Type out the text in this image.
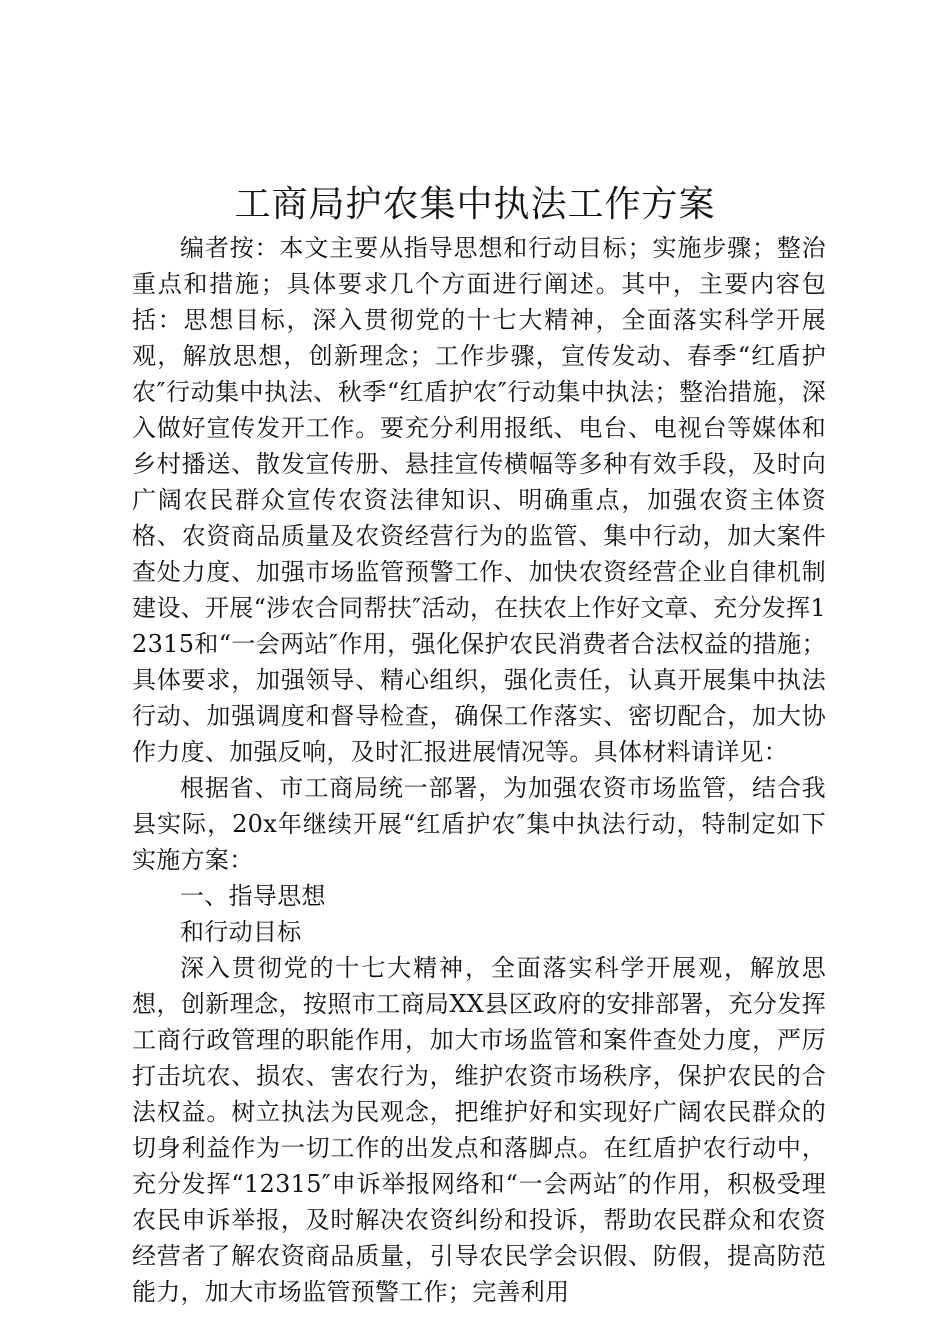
工商局护农集中执法工作方案

编者按：本文主要从指导思想和行动目标；实施步骤；整治重点和措施；具体要求几个方面进行阐述。其中，主要内容包括：思想目标，深入贯彻党的十七大精神，全面落实科学开展观，解放思想，创新理念；工作步骤，宣传发动、春季“红盾护农″行动集中执法、秋季“红盾护农″行动集中执法；整治措施，深入做好宣传发开工作。要充分利用报纸、电台、电视台等媒体和乡村播送、散发宣传册、悬挂宣传横幅等多种有效手段，及时向广阔农民群众宣传农资法律知识、明确重点，加强农资主体资格、农资商品质量及农资经营行为的监管、集中行动，加大案件查处力度、加强市场监管预警工作、加快农资经营企业自律机制建设、开展“涉农合同帮扶″活动，在扶农上作好文章、充分发挥12315和“一会两站″作用，强化保护农民消费者合法权益的措施；具体要求，加强领导、精心组织，强化责任，认真开展集中执法行动、加强调度和督导检查，确保工作落实、密切配合，加大协作力度、加强反响，及时汇报进展情况等。具体材料请详见：

根据省、市工商局统一部署，为加强农资市场监管，结合我县实际，20x年继续开展“红盾护农″集中执法行动，特制定如下实施方案：

一、指导思想

和行动目标

深入贯彻党的十七大精神，全面落实科学开展观，解放思想，创新理念，按照市工商局XX县区政府的安排部署，充分发挥工商行政管理的职能作用，加大市场监管和案件查处力度，严厉打击坑农、损农、害农行为，维护农资市场秩序，保护农民的合法权益。树立执法为民观念，把维护好和实现好广阔农民群众的切身利益作为一切工作的出发点和落脚点。在红盾护农行动中，充分发挥“12315″申诉举报网络和“一会两站″的作用，积极受理农民申诉举报，及时解决农资纠纷和投诉，帮助农民群众和农资经营者了解农资商品质量，引导农民学会识假、防假，提高防范能力，加大市场监管预警工作；完善利用
